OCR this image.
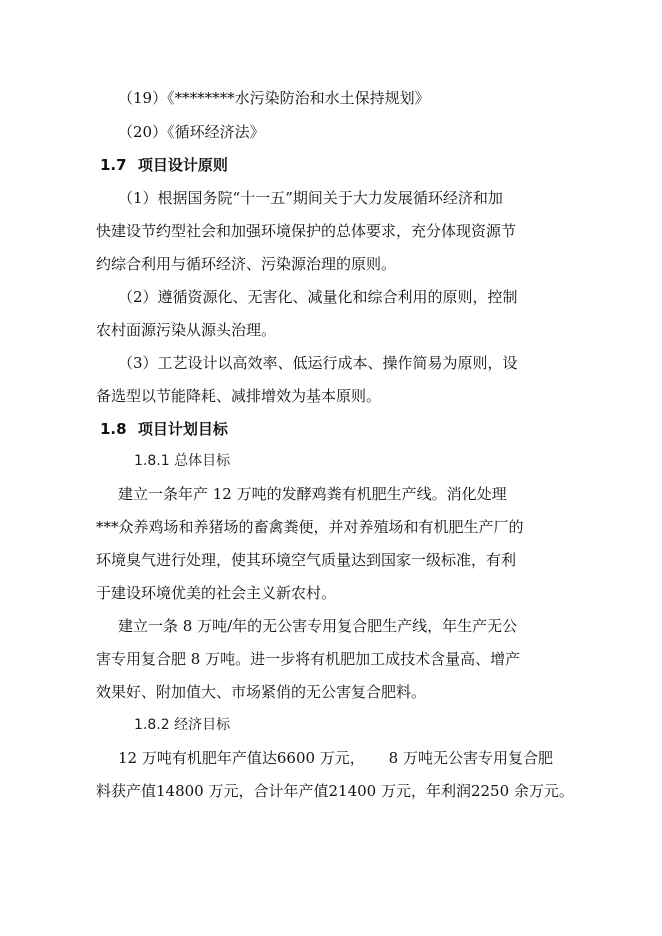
（19）《********水污染防治和水土保持规划》
（20）《循环经济法》
1.7 项目设计原则
（1）根据国务院“十一五”期间关于大力发展循环经济和加
快建设节约型社会和加强环境保护的总体要求，充分体现资源节
约综合利用与循环经济、污染源治理的原则。
（2）遵循资源化、无害化、减量化和综合利用的原则，控制
农村面源污染从源头治理。
（3）工艺设计以高效率、低运行成本、操作简易为原则，设
备选型以节能降耗、减排增效为基本原则。
1.8 项目计划目标
1.8.1 总体目标
建立一条年产 12 万吨的发酵鸡粪有机肥生产线。消化处理
***众养鸡场和养猪场的畜禽粪便，并对养殖场和有机肥生产厂的
环境臭气进行处理，使其环境空气质量达到国家一级标准，有利
于建设环境优美的社会主义新农村。
建立一条 8 万吨/年的无公害专用复合肥生产线，年生产无公
害专用复合肥 8 万吨。进一步将有机肥加工成技术含量高、增产
效果好、附加值大、市场紧俏的无公害复合肥料。
1.8.2 经济目标
12 万吨有机肥年产值达6600 万元，     8 万吨无公害专用复合肥
料获产值14800 万元，合计年产值21400 万元，年利润2250 余万元。
